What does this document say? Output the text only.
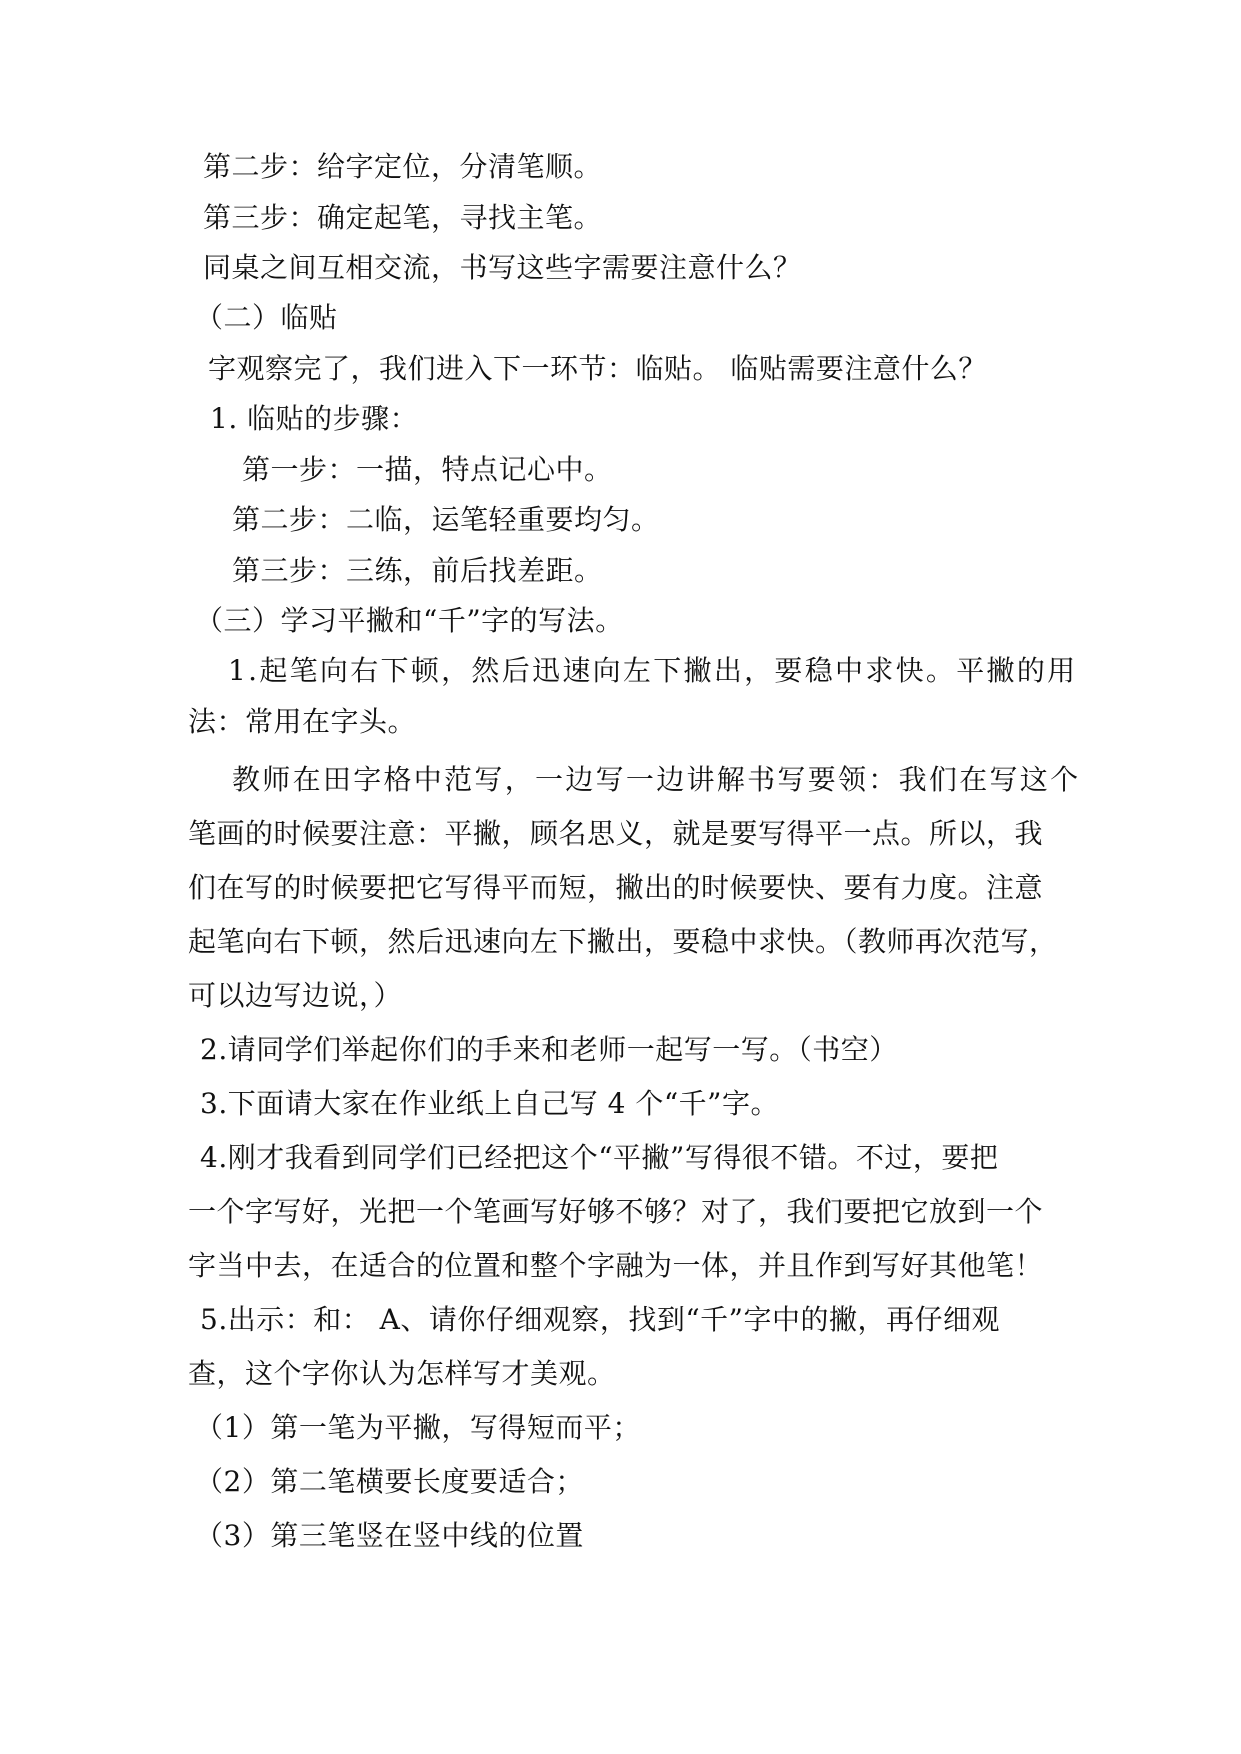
第二步：给字定位，分清笔顺。
第三步：确定起笔，寻找主笔。
同桌之间互相交流，书写这些字需要注意什么？
（二）临贴
字观察完了，我们进入下一环节：临贴。 临贴需要注意什么？
1. 临贴的步骤：
第一步：一描，特点记心中。
第二步：二临，运笔轻重要均匀。
第三步：三练，前后找差距。
（三）学习平撇和“千”字的写法。
1.起笔向右下顿，然后迅速向左下撇出，要稳中求快。平撇的用
法：常用在字头。
教师在田字格中范写，一边写一边讲解书写要领：我们在写这个
笔画的时候要注意：平撇，顾名思义，就是要写得平一点。所以，我
们在写的时候要把它写得平而短，撇出的时候要快、要有力度。注意
起笔向右下顿，然后迅速向左下撇出，要稳中求快。（教师再次范写，
可以边写边说，）
2.请同学们举起你们的手来和老师一起写一写。（书空）
3.下面请大家在作业纸上自己写 4 个“千”字。
4.刚才我看到同学们已经把这个“平撇”写得很不错。不过，要把
一个字写好，光把一个笔画写好够不够？对了，我们要把它放到一个
字当中去，在适合的位置和整个字融为一体，并且作到写好其他笔！
5.出示：和： A、请你仔细观察，找到“千”字中的撇，再仔细观
查，这个字你认为怎样写才美观。
（1）第一笔为平撇，写得短而平；
（2）第二笔横要长度要适合；
（3）第三笔竖在竖中线的位置
